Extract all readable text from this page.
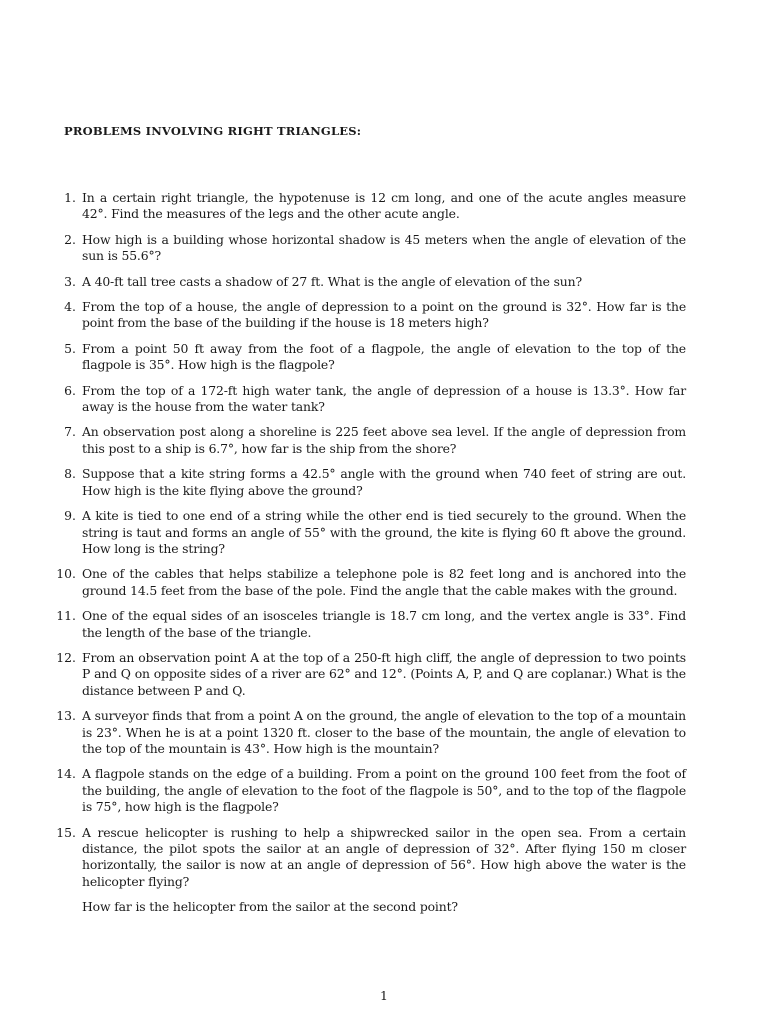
PROBLEMS INVOLVING RIGHT TRIANGLES:
1. In a certain right triangle, the hypotenuse is 12 cm long, and one of the acute angles measure 42°. Find the measures of the legs and the other acute angle.
2. How high is a building whose horizontal shadow is 45 meters when the angle of elevation of the sun is 55.6°?
3. A 40-ft tall tree casts a shadow of 27 ft. What is the angle of elevation of the sun?
4. From the top of a house, the angle of depression to a point on the ground is 32°. How far is the point from the base of the building if the house is 18 meters high?
5. From a point 50 ft away from the foot of a flagpole, the angle of elevation to the top of the flagpole is 35°. How high is the flagpole?
6. From the top of a 172-ft high water tank, the angle of depression of a house is 13.3°. How far away is the house from the water tank?
7. An observation post along a shoreline is 225 feet above sea level. If the angle of depression from this post to a ship is 6.7°, how far is the ship from the shore?
8. Suppose that a kite string forms a 42.5° angle with the ground when 740 feet of string are out. How high is the kite flying above the ground?
9. A kite is tied to one end of a string while the other end is tied securely to the ground. When the string is taut and forms an angle of 55° with the ground, the kite is flying 60 ft above the ground. How long is the string?
10. One of the cables that helps stabilize a telephone pole is 82 feet long and is anchored into the ground 14.5 feet from the base of the pole. Find the angle that the cable makes with the ground.
11. One of the equal sides of an isosceles triangle is 18.7 cm long, and the vertex angle is 33°. Find the length of the base of the triangle.
12. From an observation point A at the top of a 250-ft high cliff, the angle of depression to two points P and Q on opposite sides of a river are 62° and 12°. (Points A, P, and Q are coplanar.) What is the distance between P and Q.
13. A surveyor finds that from a point A on the ground, the angle of elevation to the top of a mountain is 23°. When he is at a point 1320 ft. closer to the base of the mountain, the angle of elevation to the top of the mountain is 43°. How high is the mountain?
14. A flagpole stands on the edge of a building. From a point on the ground 100 feet from the foot of the building, the angle of elevation to the foot of the flagpole is 50°, and to the top of the flagpole is 75°, how high is the flagpole?
15. A rescue helicopter is rushing to help a shipwrecked sailor in the open sea. From a certain distance, the pilot spots the sailor at an angle of depression of 32°. After flying 150 m closer horizontally, the sailor is now at an angle of depression of 56°. How high above the water is the helicopter flying?
How far is the helicopter from the sailor at the second point?
1
